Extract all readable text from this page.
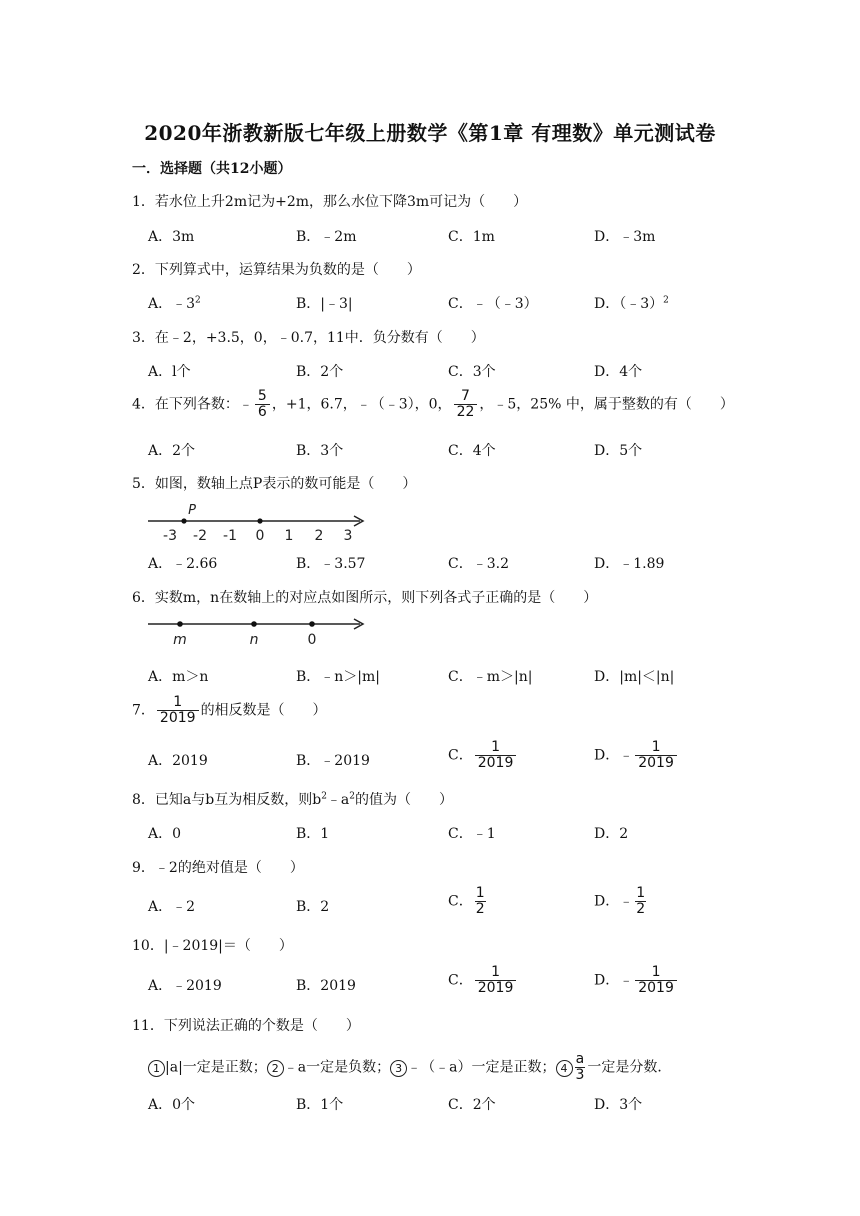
2020年浙教新版七年级上册数学《第1章 有理数》单元测试卷
一．选择题（共12小题）
1．若水位上升2m记为+2m，那么水位下降3m可记为（　　）
A．3m	B．﹣2m	C．1m	D．﹣3m
2．下列算式中，运算结果为负数的是（　　）
A．$﹣3^2$	B．|﹣3|	C．﹣（﹣3）	D．（﹣3）$^2$
3．在﹣2，+3.5，0，﹣0.7，11中．负分数有（　　）
A．l个	B．2个	C．3个	D．4个
4．在下列各数：﹣ $\frac{5}{6}$ ，+1，6.7，﹣（﹣3），0， $\frac{7}{22}$ ，﹣5，25% 中，属于整数的有（　　）
A．2个	B．3个	C．4个	D．5个
5．如图，数轴上点P表示的数可能是（　　）
-3 -2 -1 0 1 2 3
P
A．﹣2.66	B．﹣3.57	C．﹣3.2	D．﹣1.89
6．实数m，n在数轴上的对应点如图所示，则下列各式子正确的是（　　）
m	n	0
A．m＞n	B．﹣n＞|m|	C．﹣m＞|n|	D．|m|＜|n|
7． $\frac{1}{2019}$ 的相反数是（　　）
A．2019	B．﹣2019	C． $\frac{1}{2019}$	D．﹣ $\frac{1}{2019}$
8．已知a与b互为相反数，则$b^2﹣a^2$的值为（　　）
A．0	B．1	C．﹣1	D．2
9．﹣2的绝对值是（　　）
A．﹣2	B．2	C． $\frac{1}{2}$	D．﹣ $\frac{1}{2}$
10．|﹣2019|＝（　　）
A．﹣2019	B．2019	C． $\frac{1}{2019}$	D．﹣ $\frac{1}{2019}$
11．下列说法正确的个数是（　　）
1 |a|一定是正数； 2 ﹣a一定是负数； 3 ﹣（﹣a）一定是正数； $4 \frac{a}{3}$ 一定是分数．
A．0个	B．1个	C．2个	D．3个
